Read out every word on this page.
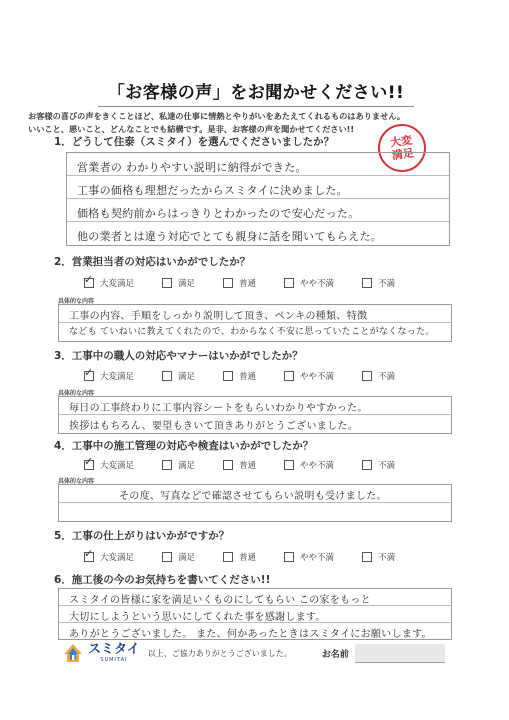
「お客様の声」をお聞かせください!!
お客様の喜びの声をきくことほど、私達の仕事に情熱とやりがいをあたえてくれるものはありません。
いいこと、悪いこと、どんなことでも結構です。是非、お客様の声を聞かせてください!!
大変
満足
1．どうして住泰（スミタイ）を選んでくださいましたか？
営業者の わかりやすい説明に納得ができた。
工事の価格も理想だったからスミタイに決めました。
価格も契約前からはっきりとわかったので安心だった。
他の業者とは違う対応でとても親身に話を聞いてもらえた。
2．営業担当者の対応はいかがでしたか？
✓
大変満足	満足	普通	やや不満	不満
具体的な内容
工事の内容、手順をしっかり説明して頂き、ペンキの種類、特徴
なども ていねいに教えてくれたので、わからなく不安に思っていたことがなくなった。
3．工事中の職人の対応やマナーはいかがでしたか？
✓
大変満足	満足	普通	やや不満	不満
具体的な内容
毎日の工事終わりに工事内容シートをもらいわかりやすかった。
挨拶はもちろん、要望もきいて頂きありがとうございました。
4．工事中の施工管理の対応や検査はいかがでしたか？
✓
大変満足	満足	普通	やや不満	不満
具体的な内容
その度、写真などで確認させてもらい説明も受けました。
5．工事の仕上がりはいかがですか？
✓
大変満足	満足	普通	やや不満	不満
6．施工後の今のお気持ちを書いてください!!
スミタイの皆様に家を満足いくものにしてもらい この家をもっと
大切にしようという思いにしてくれた事を感謝します。
ありがとうございました。 また、何かあったときはスミタイにお願いします。
スミタイ
SUMITAI
以上、ご協力ありがとうございました。	お名前
